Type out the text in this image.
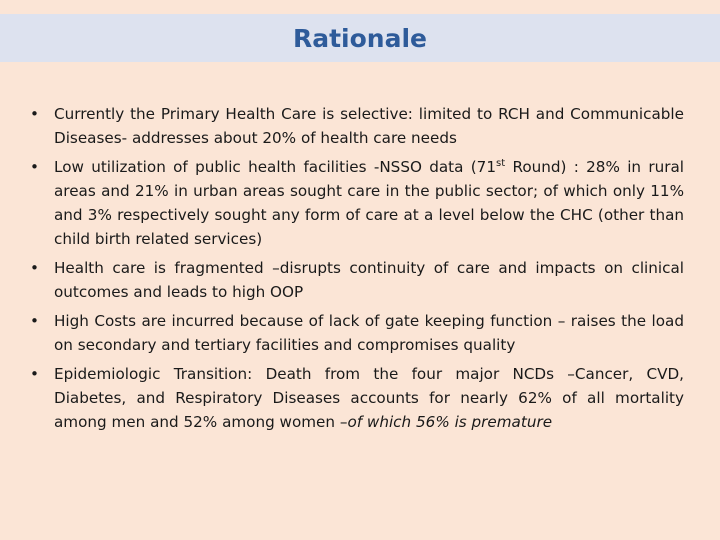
Rationale
• Currently the Primary Health Care is selective: limited to RCH and Communicable Diseases- addresses about 20% of health care needs
• Low utilization of public health facilities -NSSO data (71st Round) : 28% in rural areas and 21% in urban areas sought care in the public sector; of which only 11% and 3% respectively sought any form of care at a level below the CHC (other than child birth related services)
• Health care is fragmented –disrupts continuity of care and impacts on clinical outcomes and leads to high OOP
• High Costs are incurred because of lack of gate keeping function – raises the load on secondary and tertiary facilities and compromises quality
• Epidemiologic Transition: Death from the four major NCDs –Cancer, CVD, Diabetes, and Respiratory Diseases accounts for nearly 62% of all mortality among men and 52% among women –of which 56% is premature
